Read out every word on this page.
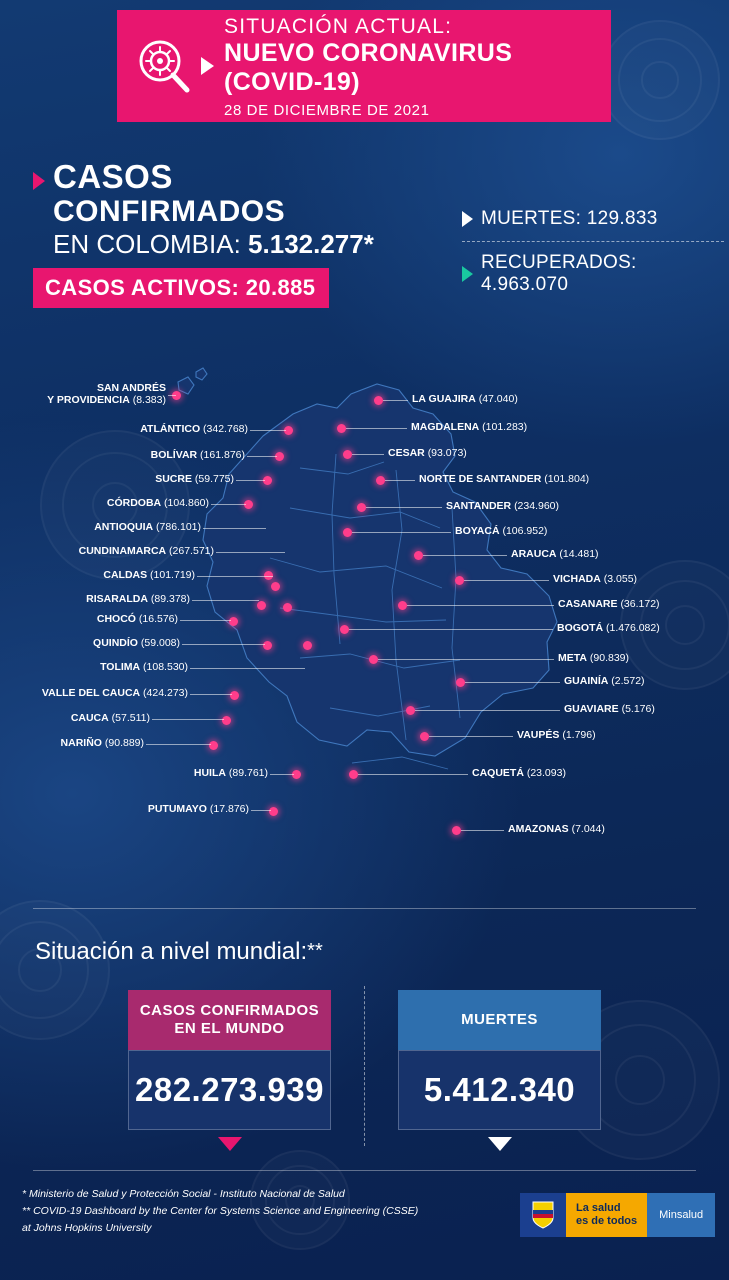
SITUACIÓN ACTUAL:
NUEVO CORONAVIRUS (COVID-19)
28 DE DICIEMBRE DE 2021
CASOS
CONFIRMADOS
EN COLOMBIA: 5.132.277*
CASOS ACTIVOS: 20.885
MUERTES: 129.833
RECUPERADOS: 4.963.070
SAN ANDRÉS
Y PROVIDENCIA (8.383)
ATLÁNTICO (342.768)
BOLÍVAR (161.876)
SUCRE (59.775)
CÓRDOBA (104.860)
ANTIOQUIA (786.101)
CUNDINAMARCA (267.571)
CALDAS (101.719)
RISARALDA (89.378)
CHOCÓ (16.576)
QUINDÍO (59.008)
TOLIMA (108.530)
VALLE DEL CAUCA (424.273)
CAUCA (57.511)
NARIÑO (90.889)
HUILA (89.761)
PUTUMAYO (17.876)
LA GUAJIRA (47.040)
MAGDALENA (101.283)
CESAR (93.073)
NORTE DE SANTANDER (101.804)
SANTANDER (234.960)
BOYACÁ (106.952)
ARAUCA (14.481)
VICHADA (3.055)
CASANARE (36.172)
BOGOTÁ (1.476.082)
META (90.839)
GUAINÍA (2.572)
GUAVIARE (5.176)
VAUPÉS (1.796)
CAQUETÁ (23.093)
AMAZONAS (7.044)
Situación a nivel mundial:**
CASOS CONFIRMADOS
EN EL MUNDO
282.273.939
MUERTES
5.412.340
* Ministerio de Salud y Protección Social - Instituto Nacional de Salud
** COVID-19 Dashboard by the Center for Systems Science and Engineering (CSSE)
at Johns Hopkins University
La salud
es de todos	Minsalud
